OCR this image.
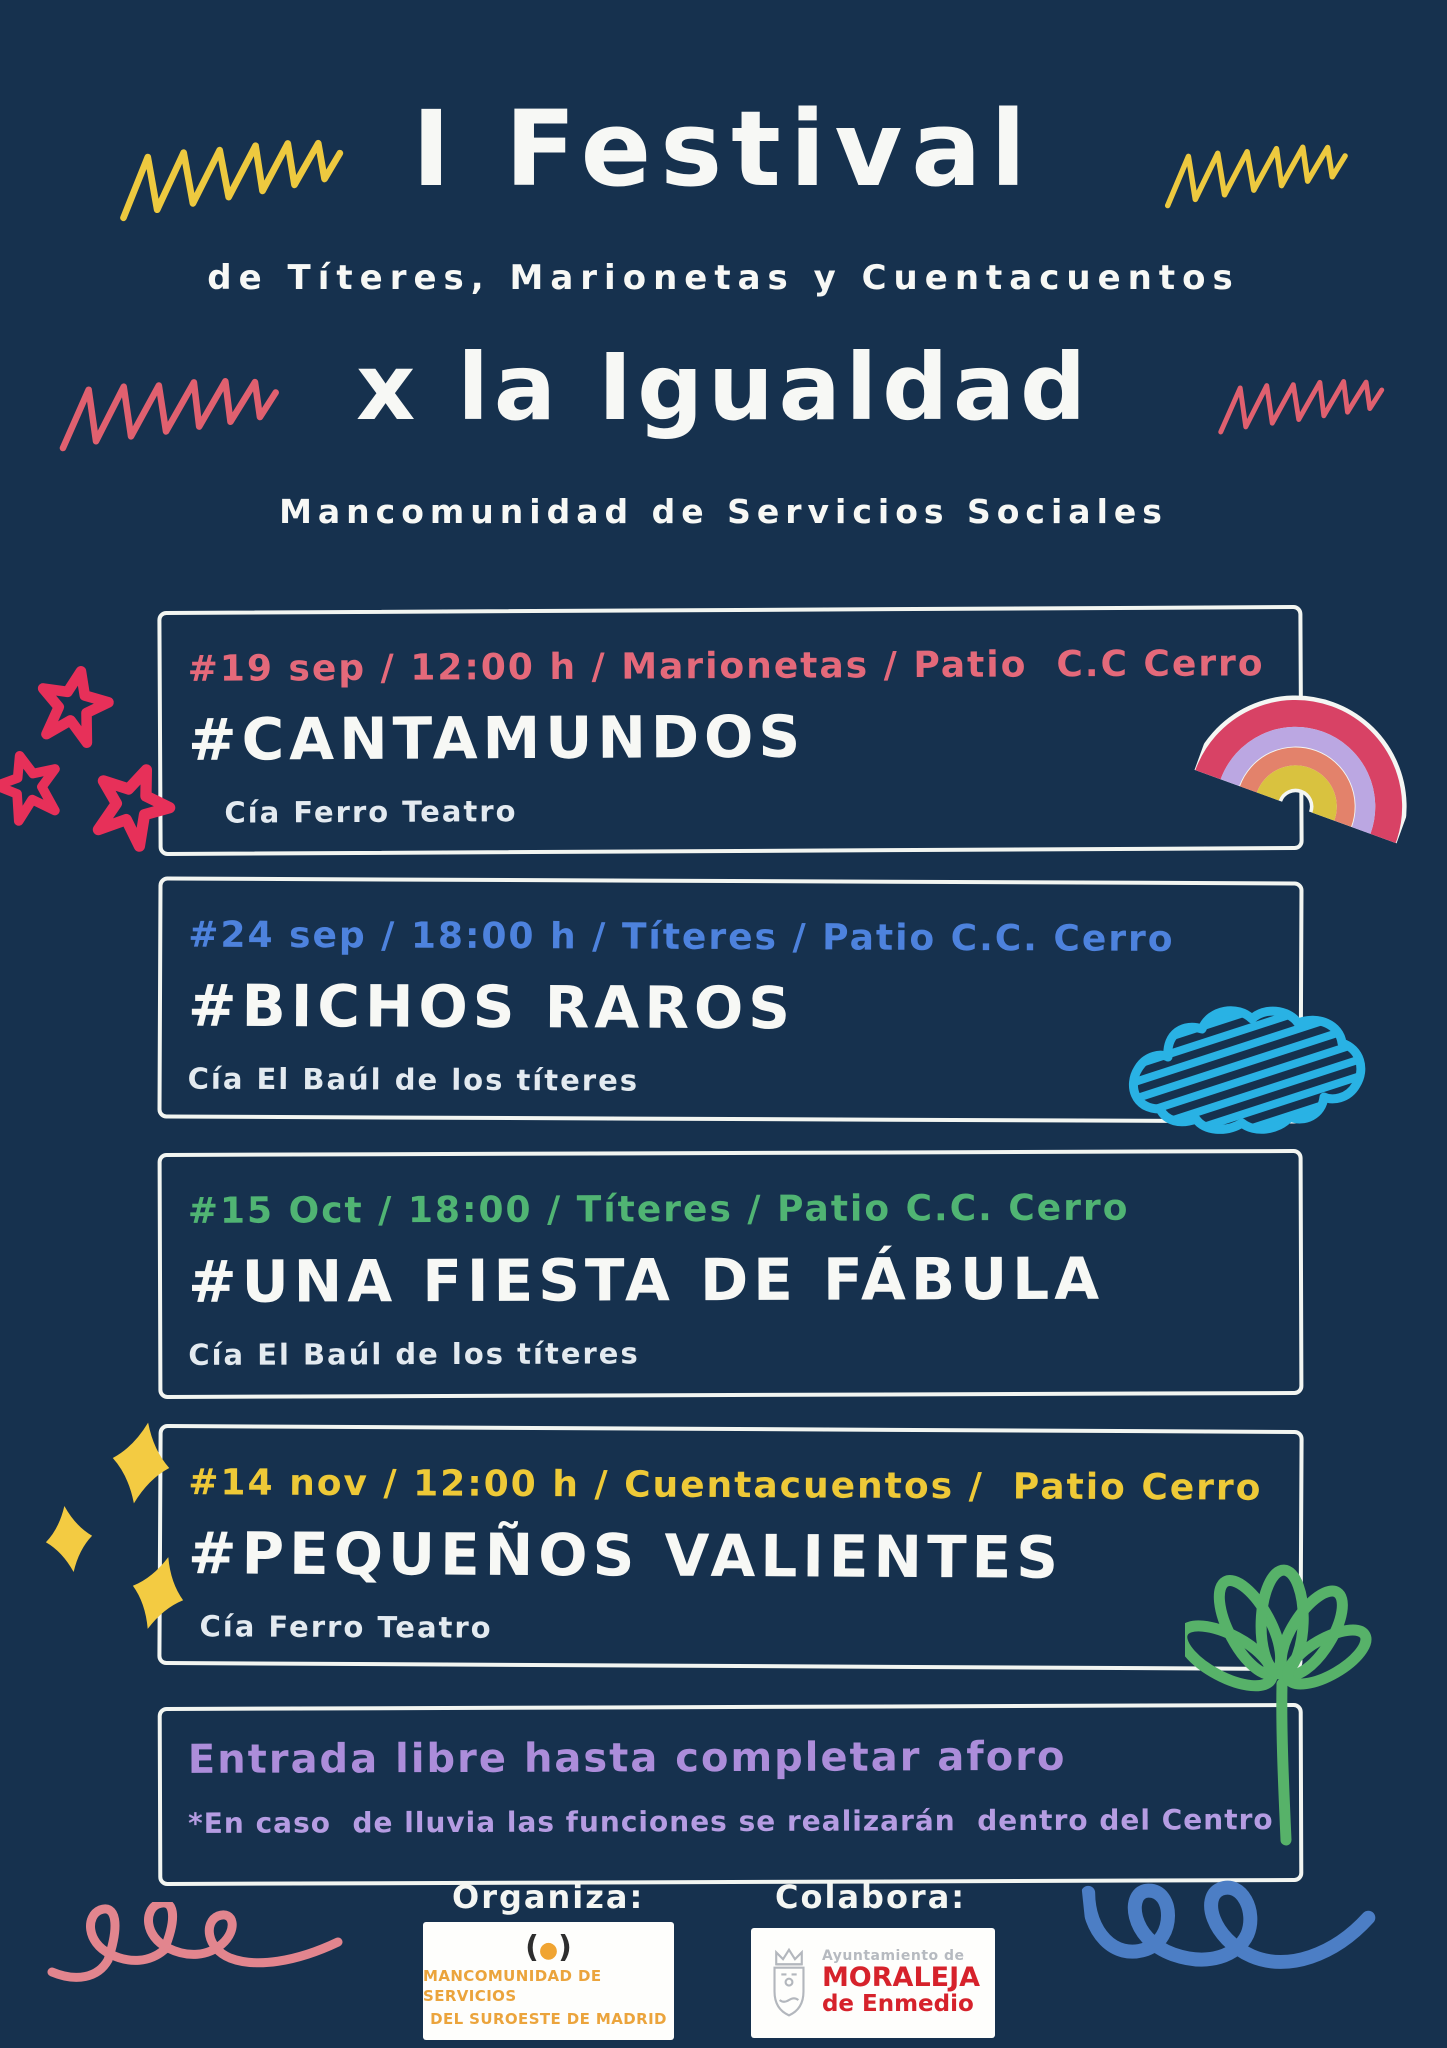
I Festival
de Títeres, Marionetas y Cuentacuentos
x la Igualdad
Mancomunidad de Servicios Sociales
#19 sep / 12:00 h / Marionetas / Patio  C.C Cerro
#CANTAMUNDOS
Cía Ferro Teatro
#24 sep / 18:00 h / Títeres / Patio C.C. Cerro
#BICHOS RAROS
Cía El Baúl de los títeres
#15 Oct / 18:00 / Títeres / Patio C.C. Cerro
#UNA FIESTA DE FÁBULA
Cía El Baúl de los títeres
#14 nov / 12:00 h / Cuentacuentos /  Patio Cerro
#PEQUEÑOS VALIENTES
Cía Ferro Teatro
Entrada libre hasta completar aforo
*En caso  de lluvia las funciones se realizarán  dentro del Centro
Organiza:	Colabora:
(●)
MANCOMUNIDAD DE SERVICIOS
DEL SUROESTE DE MADRID
Ayuntamiento de
MORALEJA
de Enmedio
